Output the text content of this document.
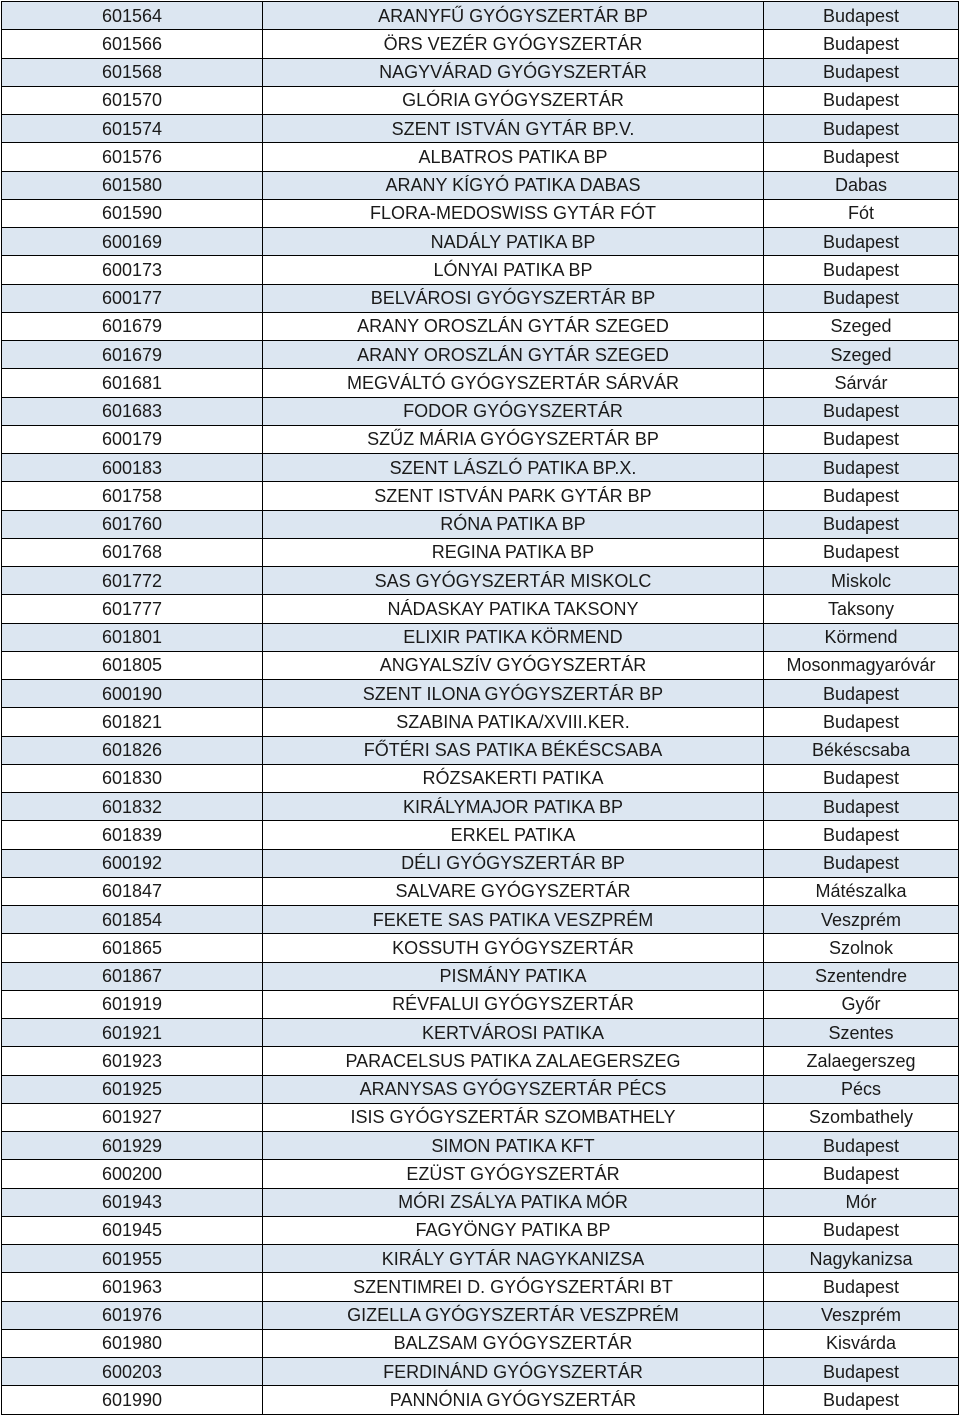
601564	ARANYFŰ GYÓGYSZERTÁR BP	Budapest
601566	ÖRS VEZÉR GYÓGYSZERTÁR	Budapest
601568	NAGYVÁRAD GYÓGYSZERTÁR	Budapest
601570	GLÓRIA GYÓGYSZERTÁR	Budapest
601574	SZENT ISTVÁN GYTÁR BP.V.	Budapest
601576	ALBATROS PATIKA BP	Budapest
601580	ARANY KÍGYÓ PATIKA DABAS	Dabas
601590	FLORA-MEDOSWISS GYTÁR FÓT	Fót
600169	NADÁLY PATIKA BP	Budapest
600173	LÓNYAI PATIKA BP	Budapest
600177	BELVÁROSI GYÓGYSZERTÁR BP	Budapest
601679	ARANY OROSZLÁN GYTÁR SZEGED	Szeged
601679	ARANY OROSZLÁN GYTÁR SZEGED	Szeged
601681	MEGVÁLTÓ GYÓGYSZERTÁR SÁRVÁR	Sárvár
601683	FODOR GYÓGYSZERTÁR	Budapest
600179	SZŰZ MÁRIA GYÓGYSZERTÁR BP	Budapest
600183	SZENT LÁSZLÓ PATIKA BP.X.	Budapest
601758	SZENT ISTVÁN PARK GYTÁR BP	Budapest
601760	RÓNA PATIKA BP	Budapest
601768	REGINA PATIKA BP	Budapest
601772	SAS GYÓGYSZERTÁR MISKOLC	Miskolc
601777	NÁDASKAY PATIKA TAKSONY	Taksony
601801	ELIXIR PATIKA KÖRMEND	Körmend
601805	ANGYALSZÍV GYÓGYSZERTÁR	Mosonmagyaróvár
600190	SZENT ILONA GYÓGYSZERTÁR BP	Budapest
601821	SZABINA PATIKA/XVIII.KER.	Budapest
601826	FŐTÉRI SAS PATIKA BÉKÉSCSABA	Békéscsaba
601830	RÓZSAKERTI PATIKA	Budapest
601832	KIRÁLYMAJOR PATIKA BP	Budapest
601839	ERKEL PATIKA	Budapest
600192	DÉLI GYÓGYSZERTÁR BP	Budapest
601847	SALVARE GYÓGYSZERTÁR	Mátészalka
601854	FEKETE SAS PATIKA VESZPRÉM	Veszprém
601865	KOSSUTH GYÓGYSZERTÁR	Szolnok
601867	PISMÁNY PATIKA	Szentendre
601919	RÉVFALUI GYÓGYSZERTÁR	Győr
601921	KERTVÁROSI PATIKA	Szentes
601923	PARACELSUS PATIKA ZALAEGERSZEG	Zalaegerszeg
601925	ARANYSAS GYÓGYSZERTÁR PÉCS	Pécs
601927	ISIS GYÓGYSZERTÁR SZOMBATHELY	Szombathely
601929	SIMON PATIKA KFT	Budapest
600200	EZÜST GYÓGYSZERTÁR	Budapest
601943	MÓRI ZSÁLYA PATIKA MÓR	Mór
601945	FAGYÖNGY PATIKA BP	Budapest
601955	KIRÁLY GYTÁR NAGYKANIZSA	Nagykanizsa
601963	SZENTIMREI D. GYÓGYSZERTÁRI BT	Budapest
601976	GIZELLA GYÓGYSZERTÁR VESZPRÉM	Veszprém
601980	BALZSAM GYÓGYSZERTÁR	Kisvárda
600203	FERDINÁND GYÓGYSZERTÁR	Budapest
601990	PANNÓNIA GYÓGYSZERTÁR	Budapest
